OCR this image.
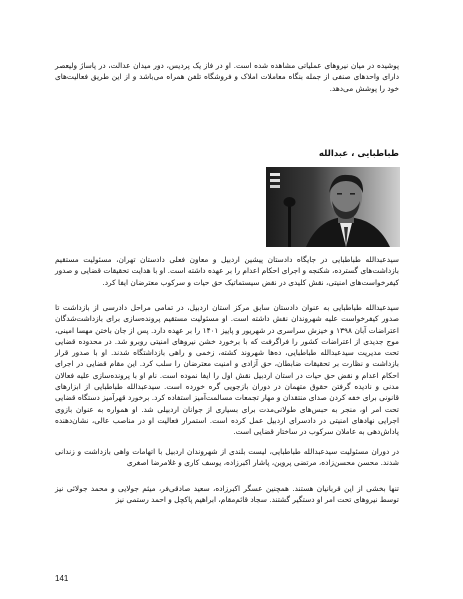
پوشیده در میان نیروهای عملیاتی مشاهده شده است. او در فاز یک پردیس، دور میدان عدالت، در پاساژ ولیعصر دارای واحدهای صنفی از جمله بنگاه معاملات املاک و فروشگاه تلفن همراه می‌باشد و از این طریق فعالیت‌های خود را پوشش می‌دهد.

طباطبایی ، عبدالله

سیدعبدالله طباطبایی در جایگاه دادستان پیشین اردبیل و معاون فعلی دادستان تهران، مسئولیت مستقیم بازداشت‌های گسترده، شکنجه و اجرای احکام اعدام را بر عهده داشته است. او با هدایت تحقیقات قضایی و صدور کیفرخواست‌های امنیتی، نقش کلیدی در نقض سیستماتیک حق حیات و سرکوب معترضان ایفا کرد.

سیدعبدالله طباطبایی به عنوان دادستان سابق مرکز استان اردبیل، در تمامی مراحل دادرسی از بازداشت تا صدور کیفرخواست علیه شهروندان نقش داشته است. او مسئولیت مستقیم پرونده‌سازی برای بازداشت‌شدگان اعتراضات آبان ۱۳۹۸ و خیزش سراسری در شهریور و پاییز ۱۴۰۱ را بر عهده دارد. پس از جان باختن مهسا امینی، موج جدیدی از اعتراضات کشور را فراگرفت که با برخورد خشن نیروهای امنیتی روبرو شد. در محدوده قضایی تحت مدیریت سیدعبدالله طباطبایی، ده‌ها شهروند کشته، زخمی و راهی بازداشتگاه شدند. او با صدور قرار بازداشت و نظارت بر تحقیقات ضابطان، حق آزادی و امنیت معترضان را سلب کرد. این مقام قضایی در اجرای احکام اعدام و نقض حق حیات در استان اردبیل نقش اول را ایفا نموده است. نام او با پرونده‌سازی علیه فعالان مدنی و نادیده گرفتن حقوق متهمان در دوران بازجویی گره خورده است. سیدعبدالله طباطبایی از ابزارهای قانونی برای خفه کردن صدای منتقدان و مهار تجمعات مسالمت‌آمیز استفاده کرد. برخورد قهرآمیز دستگاه قضایی تحت امر او، منجر به حبس‌های طولانی‌مدت برای بسیاری از جوانان اردبیلی شد. او همواره به عنوان بازوی اجرایی نهادهای امنیتی در دادسرای اردبیل عمل کرده است. استمرار فعالیت او در مناصب عالی، نشان‌دهنده پاداش‌دهی به عاملان سرکوب در ساختار قضایی است.

در دوران مسئولیت سیدعبدالله طباطبایی، لیست بلندی از شهروندان اردبیل با اتهامات واهی بازداشت و زندانی شدند. محسن محسن‌زاده، مرتضی پروین، پاشار اکبرزاده، یوسف کاری و غلامرضا اصغری

تنها بخشی از این قربانیان هستند. همچنین عسگر اکبرزاده، سعید صادقی‌فر، میثم جولایی و محمد جولائی نیز توسط نیروهای تحت امر او دستگیر گشتند. سجاد قائم‌مقام، ابراهیم پاکچل و احمد رستمی نیز

141
